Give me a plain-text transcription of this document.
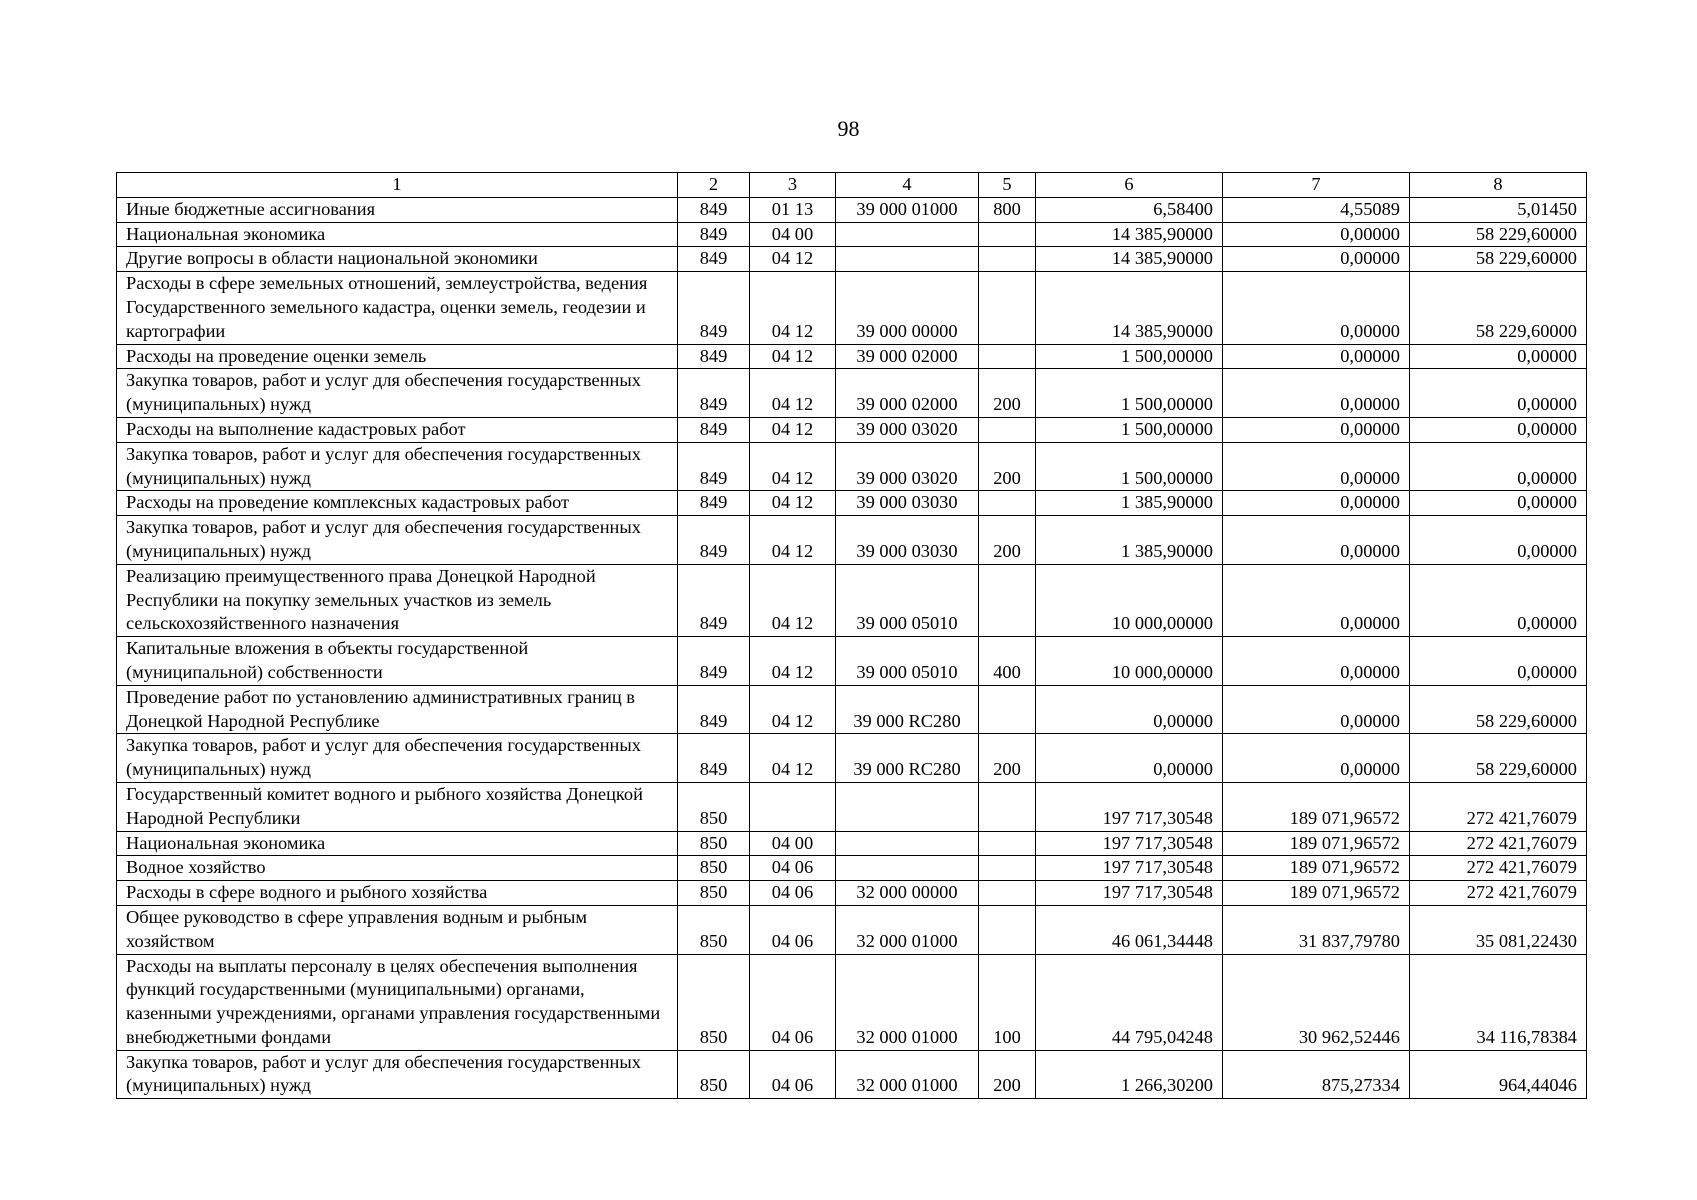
98
1	2	3	4	5	6	7	8
Иные бюджетные ассигнования	849	01 13	39 000 01000	800	6,58400	4,55089	5,01450
Национальная экономика	849	04 00			14 385,90000	0,00000	58 229,60000
Другие вопросы в области национальной экономики	849	04 12			14 385,90000	0,00000	58 229,60000
Расходы в сфере земельных отношений, землеустройства, ведения Государственного земельного кадастра, оценки земель, геодезии и картографии	849	04 12	39 000 00000		14 385,90000	0,00000	58 229,60000
Расходы на проведение оценки земель	849	04 12	39 000 02000		1 500,00000	0,00000	0,00000
Закупка товаров, работ и услуг для обеспечения государственных (муниципальных) нужд	849	04 12	39 000 02000	200	1 500,00000	0,00000	0,00000
Расходы на выполнение кадастровых работ	849	04 12	39 000 03020		1 500,00000	0,00000	0,00000
Закупка товаров, работ и услуг для обеспечения государственных (муниципальных) нужд	849	04 12	39 000 03020	200	1 500,00000	0,00000	0,00000
Расходы на проведение комплексных кадастровых работ	849	04 12	39 000 03030		1 385,90000	0,00000	0,00000
Закупка товаров, работ и услуг для обеспечения государственных (муниципальных) нужд	849	04 12	39 000 03030	200	1 385,90000	0,00000	0,00000
Реализацию преимущественного права Донецкой Народной Республики на покупку земельных участков из земель сельскохозяйственного назначения	849	04 12	39 000 05010		10 000,00000	0,00000	0,00000
Капитальные вложения в объекты государственной (муниципальной) собственности	849	04 12	39 000 05010	400	10 000,00000	0,00000	0,00000
Проведение работ по установлению административных границ в Донецкой Народной Республике	849	04 12	39 000 RC280		0,00000	0,00000	58 229,60000
Закупка товаров, работ и услуг для обеспечения государственных (муниципальных) нужд	849	04 12	39 000 RC280	200	0,00000	0,00000	58 229,60000
Государственный комитет водного и рыбного хозяйства Донецкой Народной Республики	850				197 717,30548	189 071,96572	272 421,76079
Национальная экономика	850	04 00			197 717,30548	189 071,96572	272 421,76079
Водное хозяйство	850	04 06			197 717,30548	189 071,96572	272 421,76079
Расходы в сфере водного и рыбного хозяйства	850	04 06	32 000 00000		197 717,30548	189 071,96572	272 421,76079
Общее руководство в сфере управления водным и рыбным хозяйством	850	04 06	32 000 01000		46 061,34448	31 837,79780	35 081,22430
Расходы на выплаты персоналу в целях обеспечения выполнения функций государственными (муниципальными) органами, казенными учреждениями, органами управления государственными внебюджетными фондами	850	04 06	32 000 01000	100	44 795,04248	30 962,52446	34 116,78384
Закупка товаров, работ и услуг для обеспечения государственных (муниципальных) нужд	850	04 06	32 000 01000	200	1 266,30200	875,27334	964,44046
